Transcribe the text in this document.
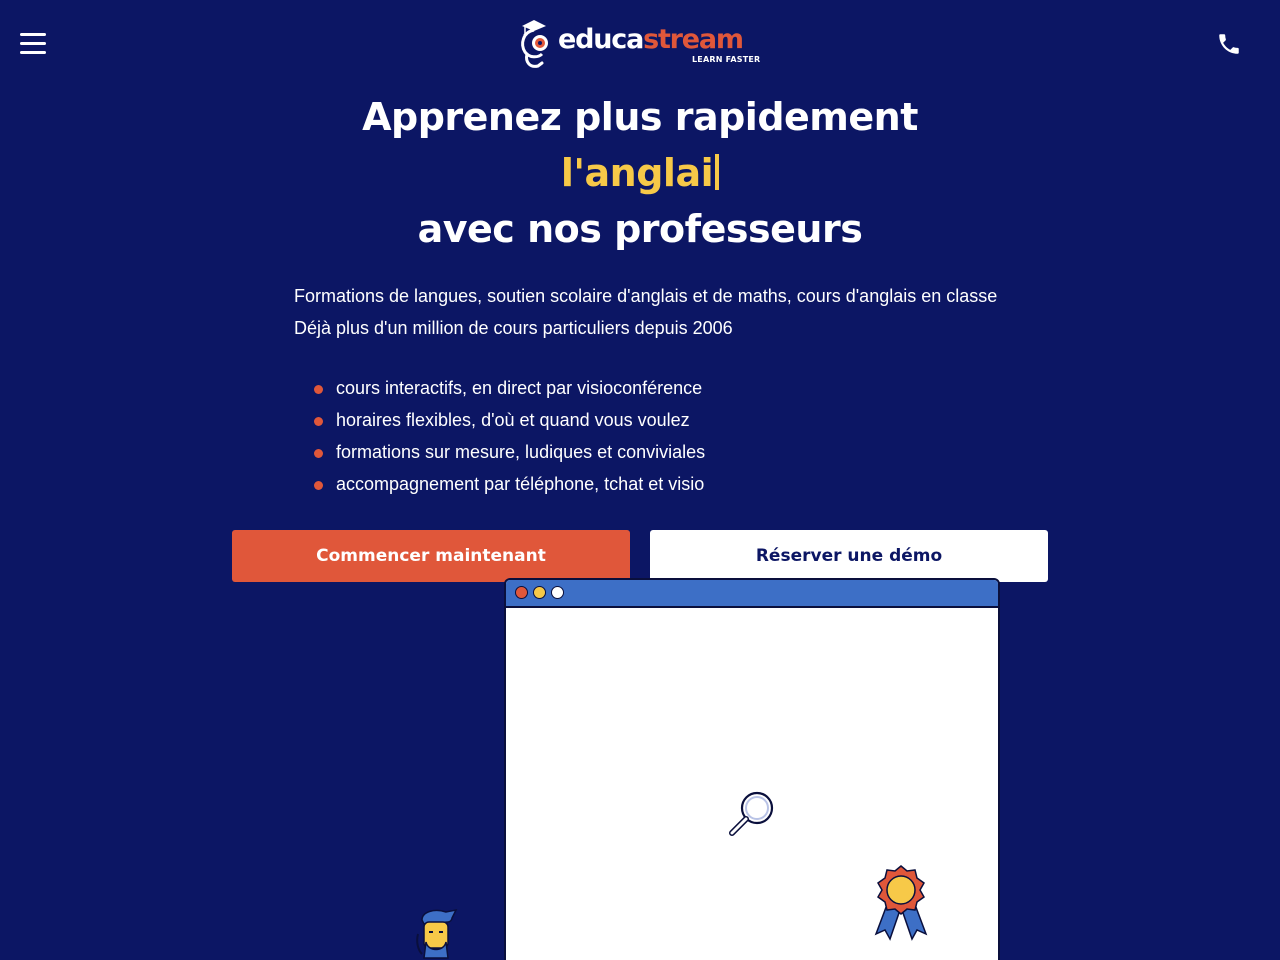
educastream
LEARN FASTER
Apprenez plus rapidement
l'anglai
avec nos professeurs

Formations de langues, soutien scolaire d'anglais et de maths, cours d'anglais en classe

Déjà plus d'un million de cours particuliers depuis 2006

cours interactifs, en direct par visioconférence
horaires flexibles, d'où et quand vous voulez
formations sur mesure, ludiques et conviviales
accompagnement par téléphone, tchat et visio
Commencer maintenant	Réserver une démo
